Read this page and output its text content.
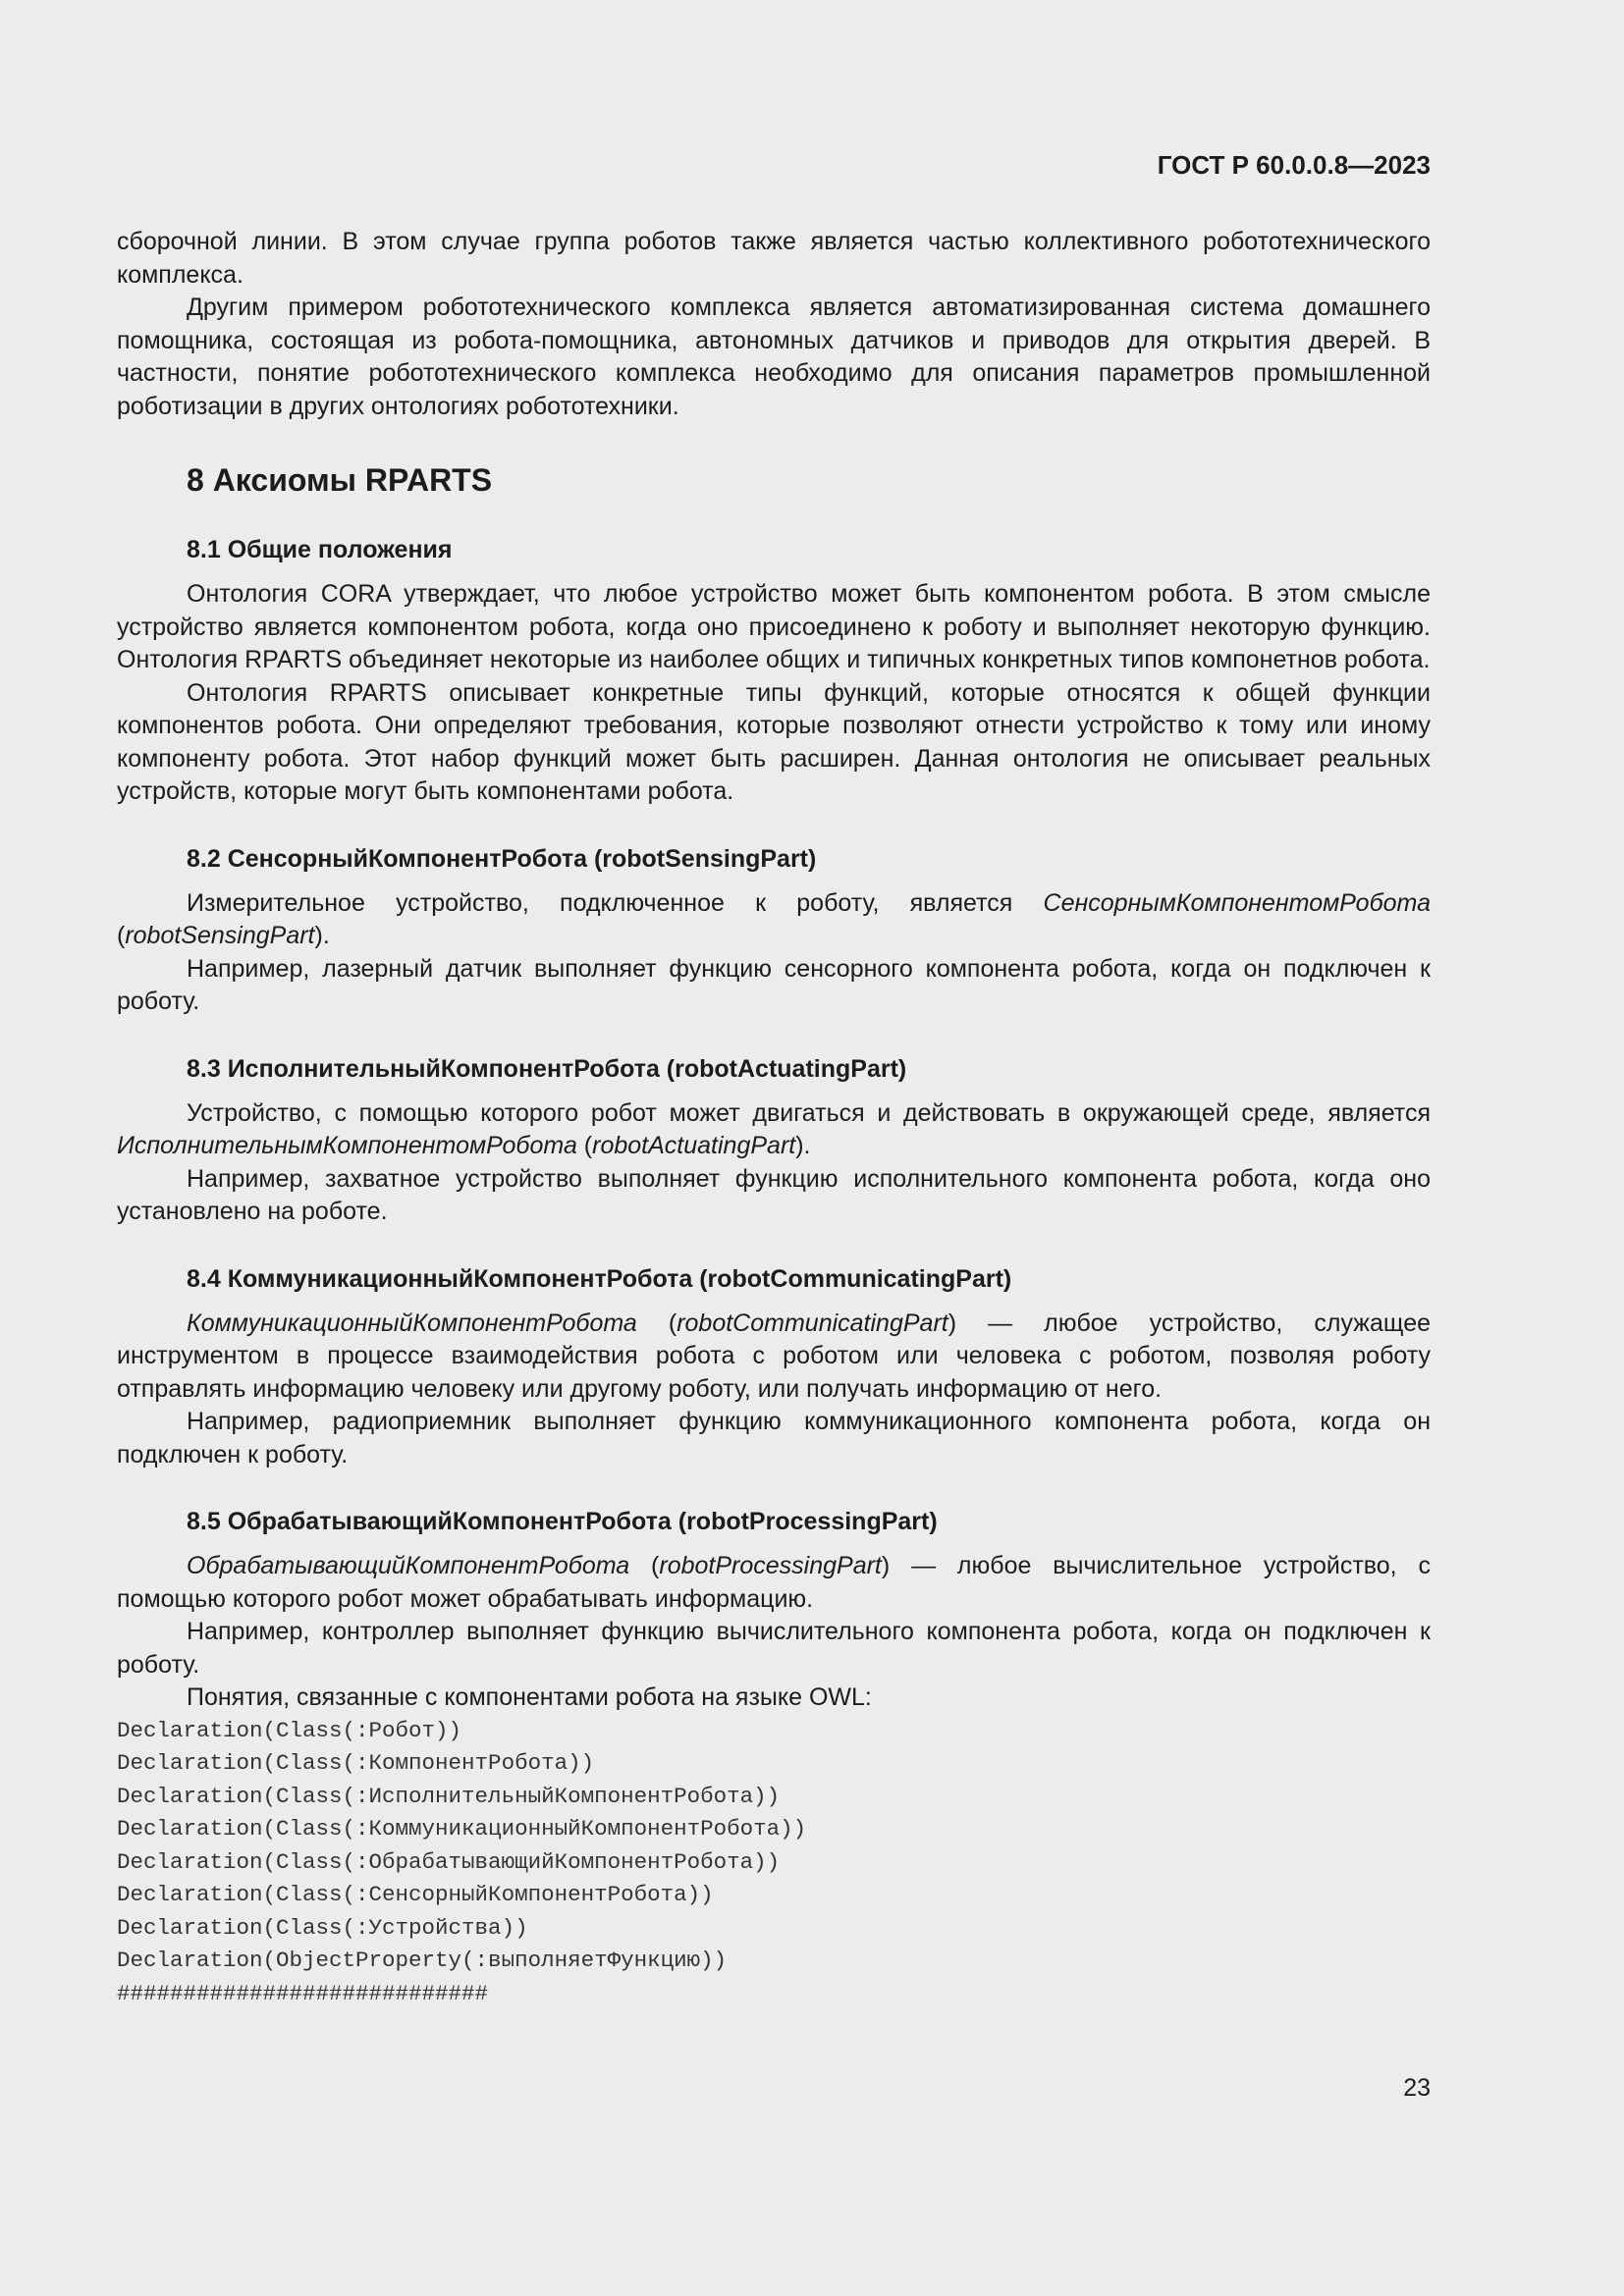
ГОСТ Р 60.0.0.8—2023

сборочной линии. В этом случае группа роботов также является частью коллективного робототехнического комплекса.

Другим примером робототехнического комплекса является автоматизированная система домашнего помощника, состоящая из робота-помощника, автономных датчиков и приводов для открытия дверей. В частности, понятие робототехнического комплекса необходимо для описания параметров промышленной роботизации в других онтологиях робототехники.

8 Аксиомы RPARTS
8.1 Общие положения

Онтология CORA утверждает, что любое устройство может быть компонентом робота. В этом смысле устройство является компонентом робота, когда оно присоединено к роботу и выполняет некоторую функцию. Онтология RPARTS объединяет некоторые из наиболее общих и типичных конкретных типов компонетнов робота.

Онтология RPARTS описывает конкретные типы функций, которые относятся к общей функции компонентов робота. Они определяют требования, которые позволяют отнести устройство к тому или иному компоненту робота. Этот набор функций может быть расширен. Данная онтология не описывает реальных устройств, которые могут быть компонентами робота.

8.2 СенсорныйКомпонентРобота (robotSensingPart)

Измерительное устройство, подключенное к роботу, является СенсорнымКомпонентомРобота (robotSensingPart).

Например, лазерный датчик выполняет функцию сенсорного компонента робота, когда он подключен к роботу.

8.3 ИсполнительныйКомпонентРобота (robotActuatingPart)

Устройство, с помощью которого робот может двигаться и действовать в окружающей среде, является ИсполнительнымКомпонентомРобота (robotActuatingPart).

Например, захватное устройство выполняет функцию исполнительного компонента робота, когда оно установлено на роботе.

8.4 КоммуникационныйКомпонентРобота (robotCommunicatingPart)

КоммуникационныйКомпонентРобота (robotCommunicatingPart) — любое устройство, служащее инструментом в процессе взаимодействия робота с роботом или человека с роботом, позволяя роботу отправлять информацию человеку или другому роботу, или получать информацию от него.

Например, радиоприемник выполняет функцию коммуникационного компонента робота, когда он подключен к роботу.

8.5 ОбрабатывающийКомпонентРобота (robotProcessingPart)

ОбрабатывающийКомпонентРобота (robotProcessingPart) — любое вычислительное устройство, с помощью которого робот может обрабатывать информацию.

Например, контроллер выполняет функцию вычислительного компонента робота, когда он подключен к роботу.

Понятия, связанные с компонентами робота на языке OWL:

Declaration(Class(:Робот))
Declaration(Class(:КомпонентРобота))
Declaration(Class(:ИсполнительныйКомпонентРобота))
Declaration(Class(:КоммуникационныйКомпонентРобота))
Declaration(Class(:ОбрабатывающийКомпонентРобота))
Declaration(Class(:СенсорныйКомпонентРобота))
Declaration(Class(:Устройства))
Declaration(ObjectProperty(:выполняетФункцию))
############################
23
